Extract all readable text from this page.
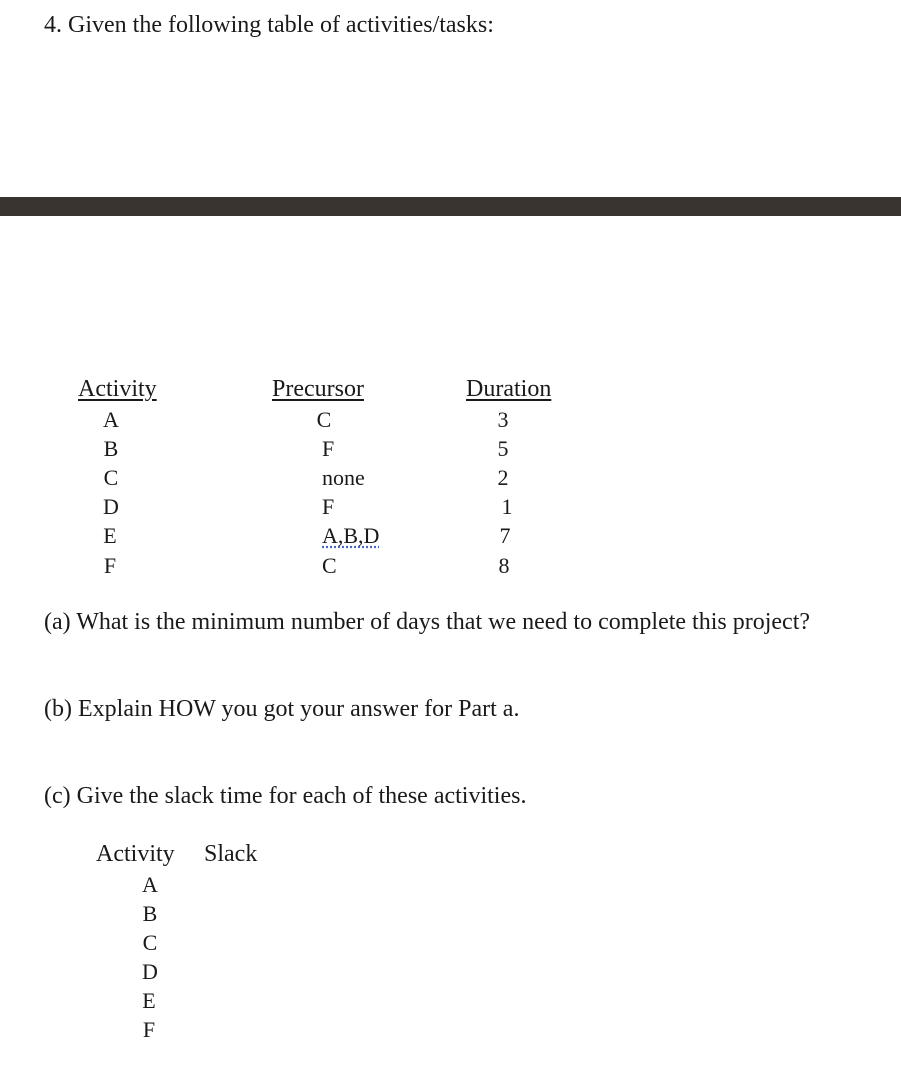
4. Given the following table of activities/tasks:
Activity	Precursor	Duration
A
B
C
D
E
F
C
F
none
F
A,B,D
C
3
5
2
1
7
8
(a) What is the minimum number of days that we need to complete this project?
(b) Explain HOW you got your answer for Part a.
(c) Give the slack time for each of these activities.
Activity Slack
A
B
C
D
E
F
